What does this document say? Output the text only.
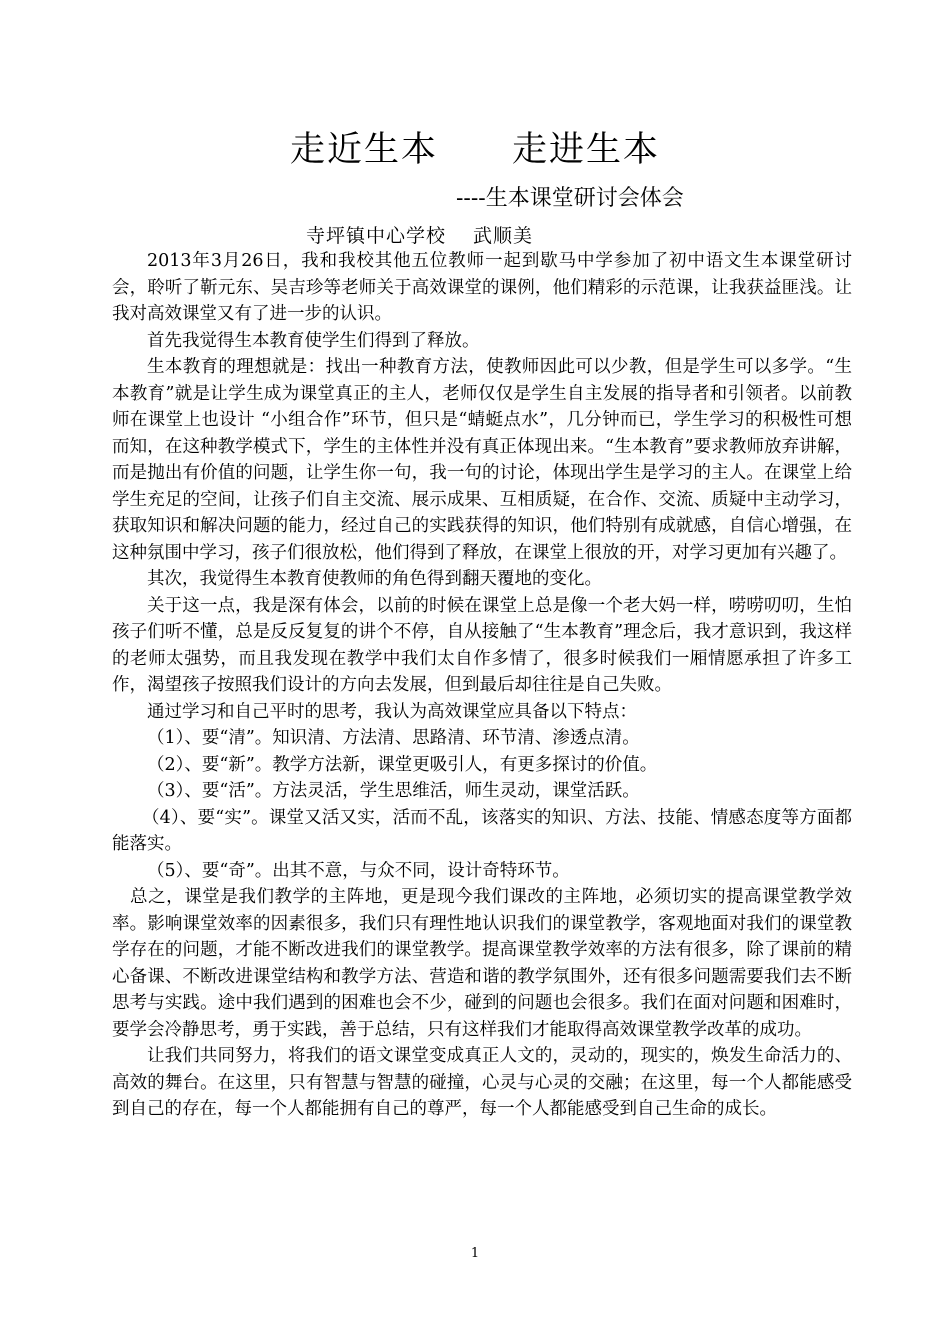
走近生本　　走进生本
----生本课堂研讨会体会
寺坪镇中心学校　 武顺美

2013年3月26日，我和我校其他五位教师一起到歇马中学参加了初中语文生本课堂研讨会，聆听了靳元东、吴吉珍等老师关于高效课堂的课例，他们精彩的示范课，让我获益匪浅。让我对高效课堂又有了进一步的认识。

首先我觉得生本教育使学生们得到了释放。

生本教育的理想就是：找出一种教育方法，使教师因此可以少教，但是学生可以多学。“生本教育”就是让学生成为课堂真正的主人，老师仅仅是学生自主发展的指导者和引领者。以前教师在课堂上也设计 “小组合作”环节，但只是“蜻蜓点水”，几分钟而已，学生学习的积极性可想而知，在这种教学模式下，学生的主体性并没有真正体现出来。“生本教育”要求教师放弃讲解，而是抛出有价值的问题，让学生你一句，我一句的讨论，体现出学生是学习的主人。在课堂上给学生充足的空间，让孩子们自主交流、展示成果、互相质疑，在合作、交流、质疑中主动学习，获取知识和解决问题的能力，经过自己的实践获得的知识，他们特别有成就感，自信心增强，在这种氛围中学习，孩子们很放松，他们得到了释放，在课堂上很放的开，对学习更加有兴趣了。

其次，我觉得生本教育使教师的角色得到翻天覆地的变化。

关于这一点，我是深有体会，以前的时候在课堂上总是像一个老大妈一样，唠唠叨叨，生怕孩子们听不懂，总是反反复复的讲个不停，自从接触了“生本教育”理念后，我才意识到，我这样的老师太强势，而且我发现在教学中我们太自作多情了，很多时候我们一厢情愿承担了许多工作，渴望孩子按照我们设计的方向去发展，但到最后却往往是自己失败。

通过学习和自己平时的思考，我认为高效课堂应具备以下特点：

（1）、要“清”。知识清、方法清、思路清、环节清、渗透点清。

（2）、要“新”。教学方法新，课堂更吸引人，有更多探讨的价值。

（3）、要“活”。方法灵活，学生思维活，师生灵动，课堂活跃。

（4）、要“实”。课堂又活又实，活而不乱，该落实的知识、方法、技能、情感态度等方面都能落实。

（5）、要“奇”。出其不意，与众不同，设计奇特环节。

总之，课堂是我们教学的主阵地，更是现今我们课改的主阵地，必须切实的提高课堂教学效率。影响课堂效率的因素很多，我们只有理性地认识我们的课堂教学，客观地面对我们的课堂教学存在的问题，才能不断改进我们的课堂教学。提高课堂教学效率的方法有很多，除了课前的精心备课、不断改进课堂结构和教学方法、营造和谐的教学氛围外，还有很多问题需要我们去不断思考与实践。途中我们遇到的困难也会不少，碰到的问题也会很多。我们在面对问题和困难时，要学会冷静思考，勇于实践，善于总结，只有这样我们才能取得高效课堂教学改革的成功。

让我们共同努力，将我们的语文课堂变成真正人文的，灵动的，现实的，焕发生命活力的、高效的舞台。在这里，只有智慧与智慧的碰撞，心灵与心灵的交融；在这里，每一个人都能感受到自己的存在，每一个人都能拥有自己的尊严，每一个人都能感受到自己生命的成长。

1
